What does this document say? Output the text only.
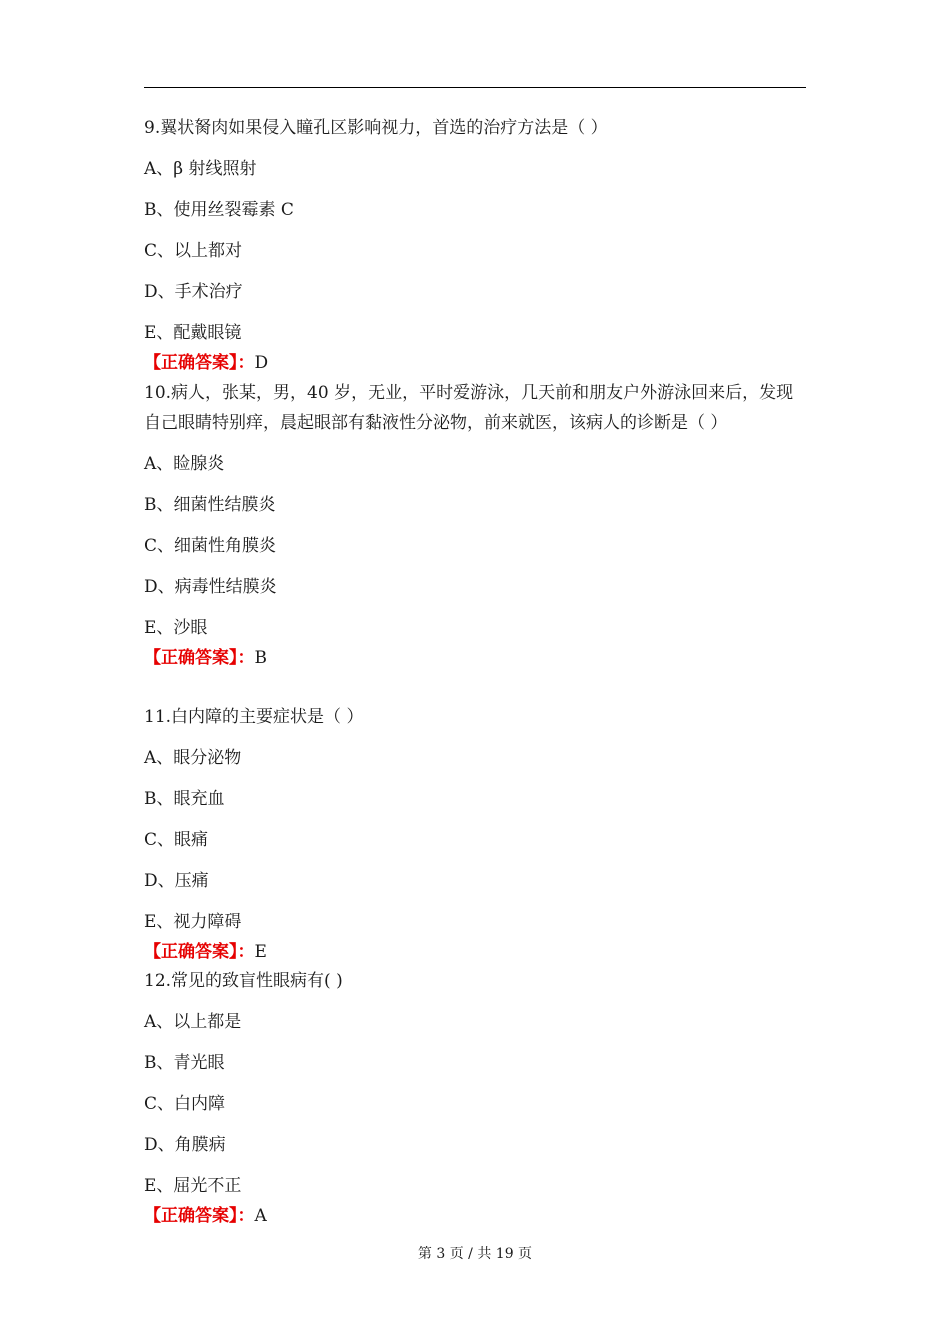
9.翼状胬肉如果侵入瞳孔区影响视力，首选的治疗方法是（ ）

A、β 射线照射
B、使用丝裂霉素 C
C、以上都对
D、手术治疗
E、配戴眼镜
【正确答案】：D

10.病人，张某，男，40 岁，无业，平时爱游泳，几天前和朋友户外游泳回来后，发现自己眼睛特别痒，晨起眼部有黏液性分泌物，前来就医，该病人的诊断是（ ）

A、睑腺炎
B、细菌性结膜炎
C、细菌性角膜炎
D、病毒性结膜炎
E、沙眼
【正确答案】：B

11.白内障的主要症状是（ ）

A、眼分泌物
B、眼充血
C、眼痛
D、压痛
E、视力障碍
【正确答案】：E

12.常见的致盲性眼病有( )

A、以上都是
B、青光眼
C、白内障
D、角膜病
E、屈光不正
【正确答案】：A
第 3 页 / 共 19 页
